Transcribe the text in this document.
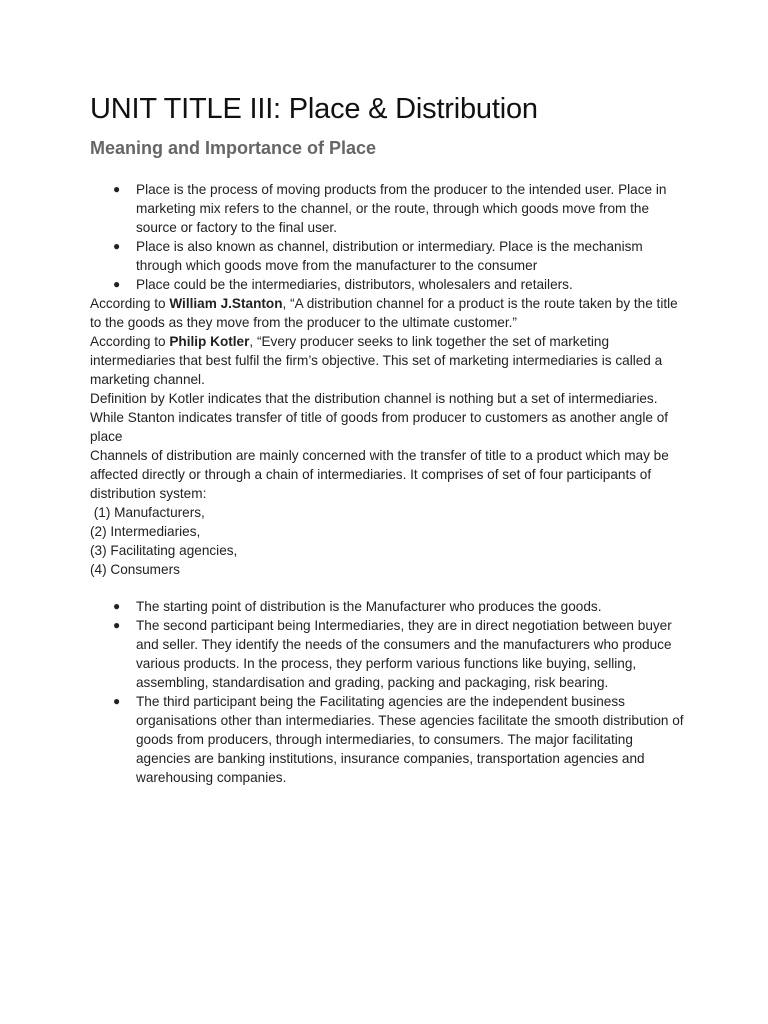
UNIT TITLE III: Place & Distribution
Meaning and Importance of Place
● Place is the process of moving products from the producer to the intended user. Place in marketing mix refers to the channel, or the route, through which goods move from the source or factory to the final user.
● Place is also known as channel, distribution or intermediary. Place is the mechanism through which goods move from the manufacturer to the consumer
● Place could be the intermediaries, distributors, wholesalers and retailers.

According to William J.Stanton, “A distribution channel for a product is the route taken by the title to the goods as they move from the producer to the ultimate customer.”

According to Philip Kotler, “Every producer seeks to link together the set of marketing intermediaries that best fulfil the firm’s objective. This set of marketing intermediaries is called a marketing channel.

Definition by Kotler indicates that the distribution channel is nothing but a set of intermediaries. While Stanton indicates transfer of title of goods from producer to customers as another angle of place

Channels of distribution are mainly concerned with the transfer of title to a product which may be affected directly or through a chain of intermediaries. It comprises of set of four participants of distribution system:

(1) Manufacturers,
(2) Intermediaries,
(3) Facilitating agencies,
(4) Consumers
● The starting point of distribution is the Manufacturer who produces the goods.
● The second participant being Intermediaries, they are in direct negotiation between buyer and seller. They identify the needs of the consumers and the manufacturers who produce various products. In the process, they perform various functions like buying, selling, assembling, standardisation and grading, packing and packaging, risk bearing.
● The third participant being the Facilitating agencies are the independent business organisations other than intermediaries. These agencies facilitate the smooth distribution of goods from producers, through intermediaries, to consumers. The major facilitating agencies are banking institutions, insurance companies, transportation agencies and warehousing companies.
